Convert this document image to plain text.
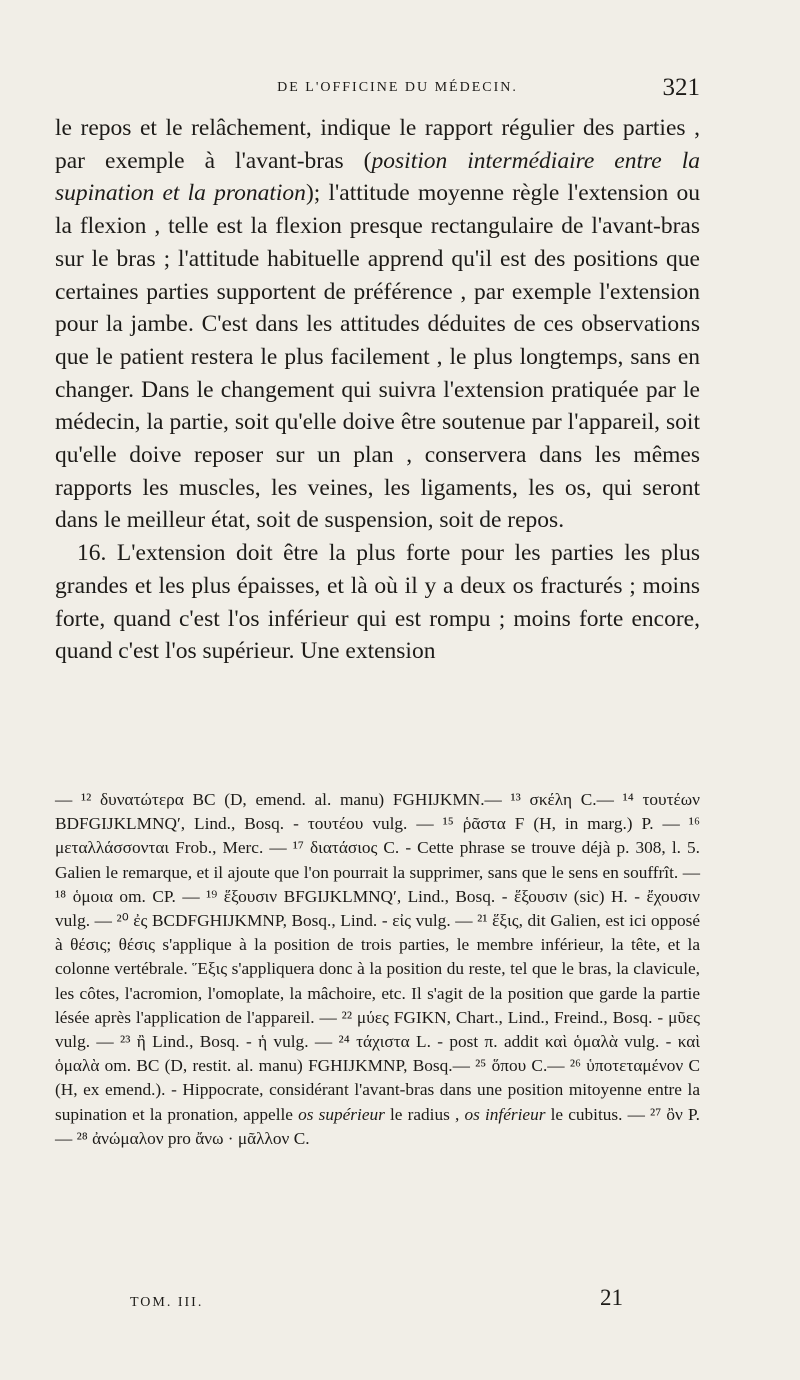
DE L'OFFICINE DU MÉDECIN.	321

le repos et le relâchement, indique le rapport régulier des parties , par exemple à l'avant-bras (position intermédiaire entre la supination et la pronation); l'attitude moyenne règle l'extension ou la flexion , telle est la flexion presque rectangulaire de l'avant-bras sur le bras ; l'attitude habituelle apprend qu'il est des positions que certaines parties supportent de préférence , par exemple l'extension pour la jambe. C'est dans les attitudes déduites de ces observations que le patient restera le plus facilement , le plus longtemps, sans en changer. Dans le changement qui suivra l'extension pratiquée par le médecin, la partie, soit qu'elle doive être soutenue par l'appareil, soit qu'elle doive reposer sur un plan , conservera dans les mêmes rapports les muscles, les veines, les ligaments, les os, qui seront dans le meilleur état, soit de suspension, soit de repos.

16. L'extension doit être la plus forte pour les parties les plus grandes et les plus épaisses, et là où il y a deux os fracturés ; moins forte, quand c'est l'os inférieur qui est rompu ; moins forte encore, quand c'est l'os supérieur. Une extension

— ¹² δυνατώτερα BC (D, emend. al. manu) FGHIJKMN.— ¹³ σκέλη C.— ¹⁴ τουτέων BDFGIJKLMNQ′, Lind., Bosq. - τουτέου vulg. — ¹⁵ ῥᾶστα F (H, in marg.) P. — ¹⁶ μεταλλάσσονται Frob., Merc. — ¹⁷ διατάσιος C. - Cette phrase se trouve déjà p. 308, l. 5. Galien le remarque, et il ajoute que l'on pourrait la supprimer, sans que le sens en souffrît. — ¹⁸ ὁμοια om. CP. — ¹⁹ ἕξουσιν BFGIJKLMNQ′, Lind., Bosq. - ἕξουσιν (sic) H. - ἔχουσιν vulg. — ²⁰ ἐς BCDFGHIJKMNP, Bosq., Lind. - εἰς vulg. — ²¹ ἕξις, dit Galien, est ici opposé à θέσις; θέσις s'applique à la position de trois parties, le membre inférieur, la tête, et la colonne vertébrale. Ἕξις s'appliquera donc à la position du reste, tel que le bras, la clavicule, les côtes, l'acromion, l'omoplate, la mâchoire, etc. Il s'agit de la position que garde la partie lésée après l'application de l'appareil. — ²² μύες FGIKN, Chart., Lind., Freind., Bosq. - μῦες vulg. — ²³ ἢ Lind., Bosq. - ἡ vulg. — ²⁴ τάχιστα L. - post π. addit καὶ ὁμαλὰ vulg. - καὶ ὁμαλὰ om. BC (D, restit. al. manu) FGHIJKMNP, Bosq.— ²⁵ ὅπου C.— ²⁶ ὑποτεταμένον C (H, ex emend.). - Hippocrate, considérant l'avant-bras dans une position mitoyenne entre la supination et la pronation, appelle os supérieur le radius , os inférieur le cubitus. — ²⁷ ὂν P. — ²⁸ ἀνώμαλον pro ἄνω · μᾶλλον C.

TOM. III.	21
